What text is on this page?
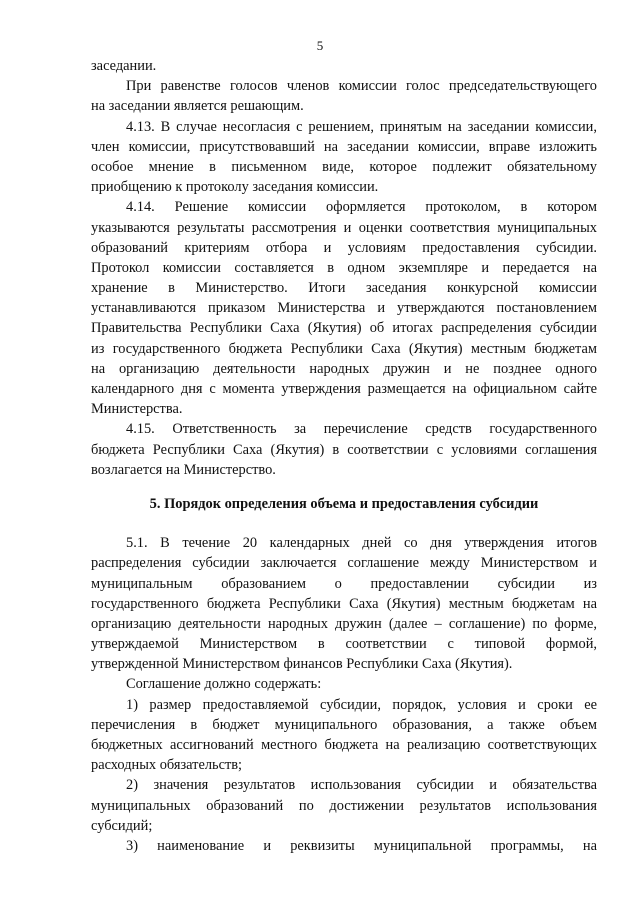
5
заседании.
При равенстве голосов членов комиссии голос председательствующего
на заседании является решающим.
4.13. В случае несогласия с решением, принятым на заседании комиссии,
член комиссии, присутствовавший на заседании комиссии, вправе изложить
особое мнение в письменном виде, которое подлежит обязательному
приобщению к протоколу заседания комиссии.
4.14. Решение комиссии оформляется протоколом, в котором
указываются результаты рассмотрения и оценки соответствия муниципальных
образований критериям отбора и условиям предоставления субсидии.
Протокол комиссии составляется в одном экземпляре и передается на
хранение в Министерство. Итоги заседания конкурсной комиссии
устанавливаются приказом Министерства и утверждаются постановлением
Правительства Республики Саха (Якутия) об итогах распределения субсидии
из государственного бюджета Республики Саха (Якутия) местным бюджетам
на организацию деятельности народных дружин и не позднее одного
календарного дня с момента утверждения размещается на официальном сайте
Министерства.
4.15. Ответственность за перечисление средств государственного
бюджета Республики Саха (Якутия) в соответствии с условиями соглашения
возлагается на Министерство.
5. Порядок определения объема и предоставления субсидии
5.1. В течение 20 календарных дней со дня утверждения итогов
распределения субсидии заключается соглашение между Министерством и
муниципальным образованием о предоставлении субсидии из
государственного бюджета Республики Саха (Якутия) местным бюджетам на
организацию деятельности народных дружин (далее – соглашение) по форме,
утверждаемой Министерством в соответствии с типовой формой,
утвержденной Министерством финансов Республики Саха (Якутия).
Соглашение должно содержать:
1) размер предоставляемой субсидии, порядок, условия и сроки ее
перечисления в бюджет муниципального образования, а также объем
бюджетных ассигнований местного бюджета на реализацию соответствующих
расходных обязательств;
2) значения результатов использования субсидии и обязательства
муниципальных образований по достижении результатов использования
субсидий;
3) наименование и реквизиты муниципальной программы, на
